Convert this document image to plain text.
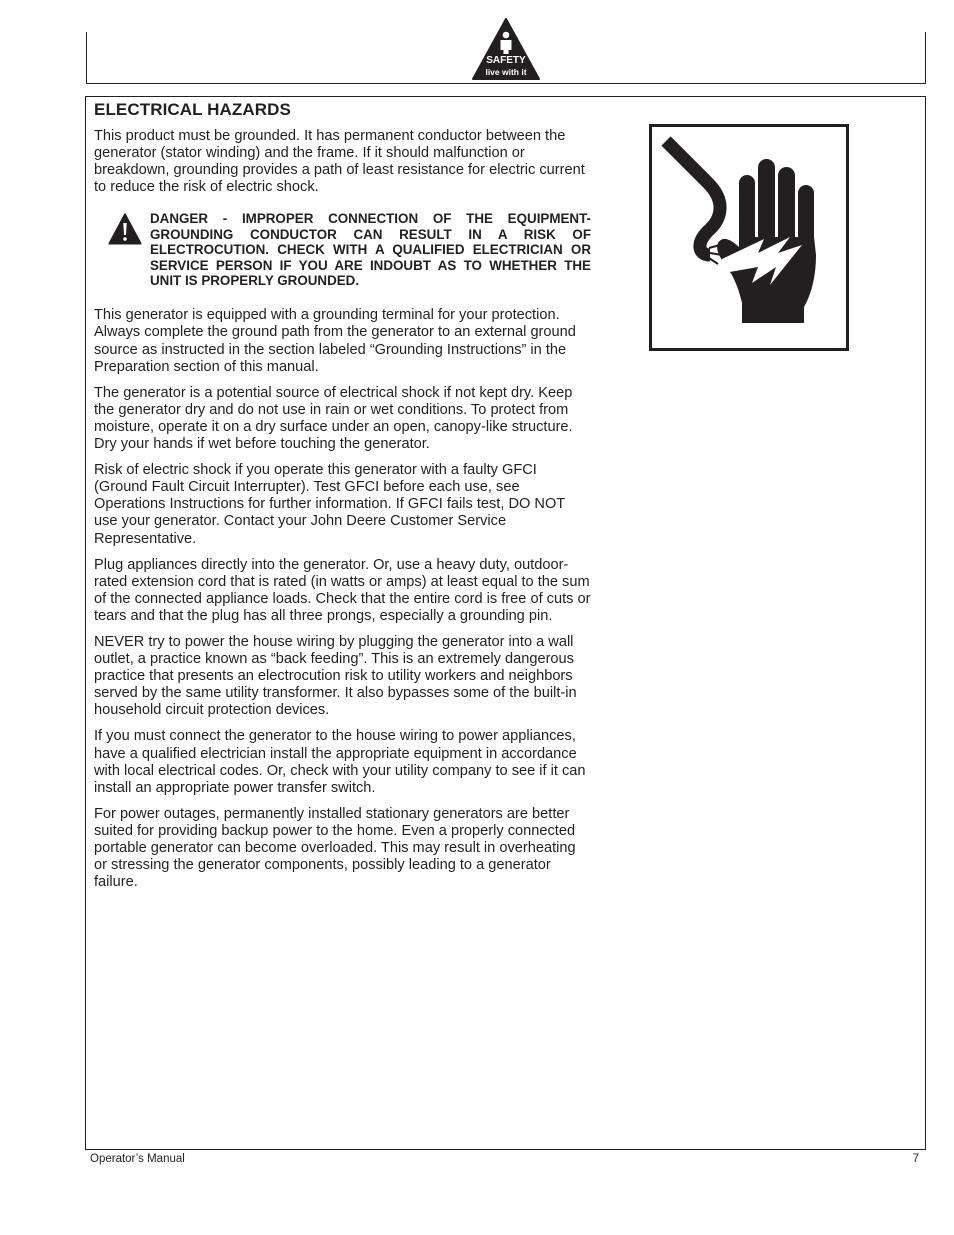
SAFETY
live with it
ELECTRICAL HAZARDS

This product must be grounded. It has permanent conductor between the generator (stator winding) and the frame. If it should malfunction or breakdown, grounding provides a path of least resistance for electric current to reduce the risk of electric shock.

DANGER - IMPROPER CONNECTION OF THE EQUIPMENT-GROUNDING CONDUCTOR CAN RESULT IN A RISK OF ELECTROCUTION. CHECK WITH A QUALIFIED ELECTRICIAN OR SERVICE PERSON IF YOU ARE INDOUBT AS TO WHETHER THE UNIT IS PROPERLY GROUNDED.

This generator is equipped with a grounding terminal for your protection. Always complete the ground path from the generator to an external ground source as instructed in the section labeled “Grounding Instructions” in the Preparation section of this manual.

The generator is a potential source of electrical shock if not kept dry. Keep the generator dry and do not use in rain or wet conditions. To protect from moisture, operate it on a dry surface under an open, canopy-like structure. Dry your hands if wet before touching the generator.

Risk of electric shock if you operate this generator with a faulty GFCI (Ground Fault Circuit Interrupter). Test GFCI before each use, see Operations Instructions for further information. If GFCI fails test, DO NOT use your generator. Contact your John Deere Customer Service Representative.

Plug appliances directly into the generator. Or, use a heavy duty, outdoor-rated extension cord that is rated (in watts or amps) at least equal to the sum of the connected appliance loads. Check that the entire cord is free of cuts or tears and that the plug has all three prongs, especially a grounding pin.

NEVER try to power the house wiring by plugging the generator into a wall outlet, a practice known as “back feeding”. This is an extremely dangerous practice that presents an electrocution risk to utility workers and neighbors served by the same utility transformer. It also bypasses some of the built-in household circuit protection devices.

If you must connect the generator to the house wiring to power appliances, have a qualified electrician install the appropriate equipment in accordance with local electrical codes. Or, check with your utility company to see if it can install an appropriate power transfer switch.

For power outages, permanently installed stationary generators are better suited for providing backup power to the home. Even a properly connected portable generator can become overloaded. This may result in overheating or stressing the generator components, possibly leading to a generator failure.

Operator’s Manual	7
